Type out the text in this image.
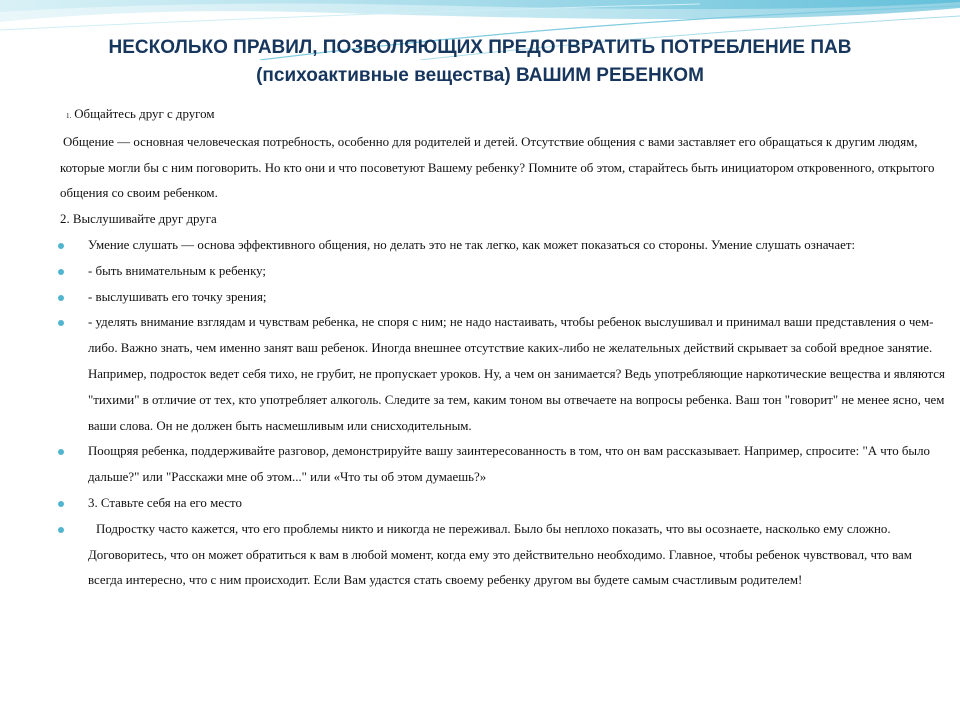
НЕСКОЛЬКО ПРАВИЛ, ПОЗВОЛЯЮЩИХ ПРЕДОТВРАТИТЬ ПОТРЕБЛЕНИЕ ПАВ
(психоактивные вещества) ВАШИМ РЕБЕНКОМ

1. Общайтесь друг с другом

Общение — основная человеческая потребность, особенно для родителей и детей. Отсутствие общения с вами заставляет его обращаться к другим людям, которые могли бы с ним поговорить. Но кто они и что посоветуют Вашему ребенку? Помните об этом, старайтесь быть инициатором откровенного, открытого общения со своим ребенком.

2. Выслушивайте друг друга

Умение слушать — основа эффективного общения, но делать это не так легко, как может показаться со стороны. Умение слушать означает:
- быть внимательным к ребенку;
- выслушивать его точку зрения;
- уделять внимание взглядам и чувствам ребенка, не споря с ним; не надо настаивать, чтобы ребенок выслушивал и принимал ваши представления о чем-либо. Важно знать, чем именно занят ваш ребенок. Иногда внешнее отсутствие каких-либо не желательных действий скрывает за собой вредное занятие. Например, подросток ведет себя тихо, не грубит, не пропускает уроков. Ну, а чем он занимается? Ведь употребляющие наркотические вещества и являются "тихими" в отличие от тех, кто употребляет алкоголь. Следите за тем, каким тоном вы отвечаете на вопросы ребенка. Ваш тон "говорит" не менее ясно, чем ваши слова. Он не должен быть насмешливым или снисходительным.
Поощряя ребенка, поддерживайте разговор, демонстрируйте вашу заинтересованность в том, что он вам рассказывает. Например, спросите: "А что было дальше?" или "Расскажи мне об этом..." или «Что ты об этом думаешь?»
3. Ставьте себя на его место
Подростку часто кажется, что его проблемы никто и никогда не переживал. Было бы неплохо показать, что вы осознаете, насколько ему сложно. Договоритесь, что он может обратиться к вам в любой момент, когда ему это действительно необходимо. Главное, чтобы ребенок чувствовал, что вам всегда интересно, что с ним происходит. Если Вам удастся стать своему ребенку другом вы будете самым счастливым родителем!
